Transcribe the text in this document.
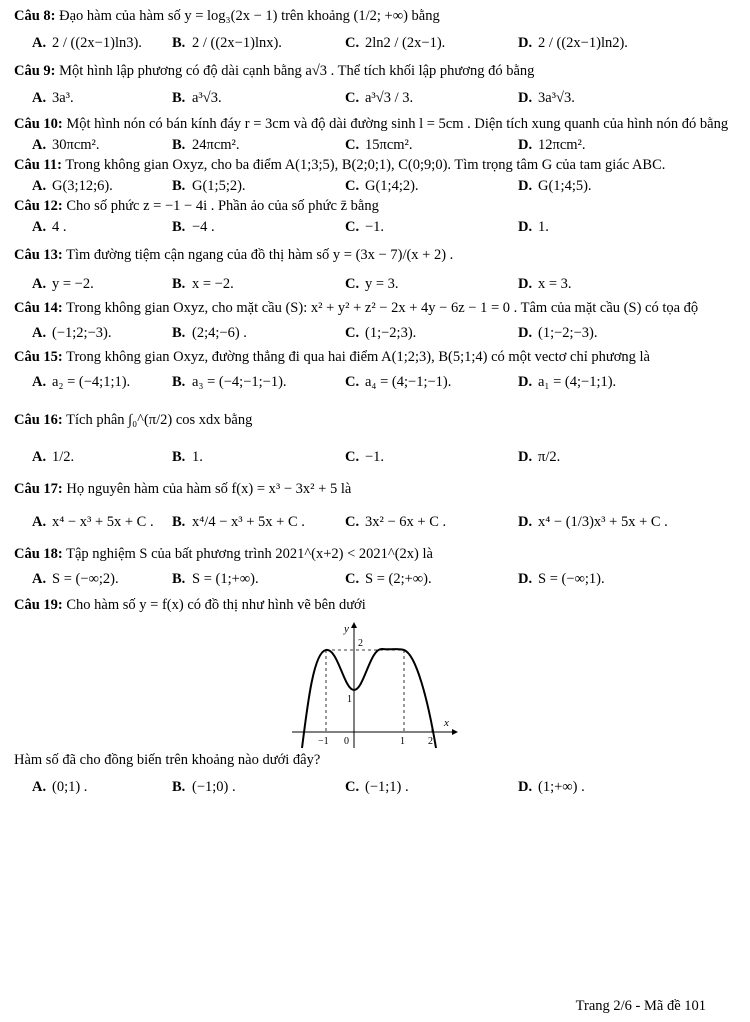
Câu 8: Đạo hàm của hàm số y = log₃(2x − 1) trên khoảng (1/2; +∞) bằng
A. 2 / ((2x−1)ln3).	B. 2 / ((2x−1)lnx).	C. 2ln2 / (2x−1).	D. 2 / ((2x−1)ln2).
Câu 9: Một hình lập phương có độ dài cạnh bằng a√3 . Thể tích khối lập phương đó bằng
A. 3a³.	B. a³√3.	C. a³√3 / 3.	D. 3a³√3.
Câu 10: Một hình nón có bán kính đáy r = 3cm và độ dài đường sinh l = 5cm . Diện tích xung quanh của hình nón đó bằng
A. 30πcm².	B. 24πcm².	C. 15πcm².	D. 12πcm².
Câu 11: Trong không gian Oxyz, cho ba điểm A(1;3;5), B(2;0;1), C(0;9;0). Tìm trọng tâm G của tam giác ABC.
A. G(3;12;6).	B. G(1;5;2).	C. G(1;4;2).	D. G(1;4;5).
Câu 12: Cho số phức z = −1 − 4i . Phần ảo của số phức z̄ bằng
A. 4 .	B. −4 .	C. −1.	D. 1.
Câu 13: Tìm đường tiệm cận ngang của đồ thị hàm số y = (3x − 7)/(x + 2) .
A. y = −2.	B. x = −2.	C. y = 3.	D. x = 3.
Câu 14: Trong không gian Oxyz, cho mặt cầu (S): x² + y² + z² − 2x + 4y − 6z − 1 = 0 . Tâm của mặt cầu (S) có tọa độ
A. (−1;2;−3).	B. (2;4;−6) .	C. (1;−2;3).	D. (1;−2;−3).
Câu 15: Trong không gian Oxyz, đường thẳng đi qua hai điểm A(1;2;3), B(5;1;4) có một vectơ chỉ phương là
A. a₂ = (−4;1;1).	B. a₃ = (−4;−1;−1).	C. a₄ = (4;−1;−1).	D. a₁ = (4;−1;1).
Câu 16: Tích phân ∫₀^(π/2) cos xdx bằng
A. 1/2.	B. 1.	C. −1.	D. π/2.
Câu 17: Họ nguyên hàm của hàm số f(x) = x³ − 3x² + 5 là
A. x⁴ − x³ + 5x + C .	B. x⁴/4 − x³ + 5x + C .	C. 3x² − 6x + C .	D. x⁴ − (1/3)x³ + 5x + C .
Câu 18: Tập nghiệm S của bất phương trình 2021^(x+2) < 2021^(2x) là
A. S = (−∞;2).	B. S = (1;+∞).	C. S = (2;+∞).	D. S = (−∞;1).
Câu 19: Cho hàm số y = f(x) có đồ thị như hình vẽ bên dưới
y
x
2
1
−1 0	1 2
Hàm số đã cho đồng biến trên khoảng nào dưới đây?
A. (0;1) .	B. (−1;0) .	C. (−1;1) .	D. (1;+∞) .
Trang 2/6 - Mã đề 101
